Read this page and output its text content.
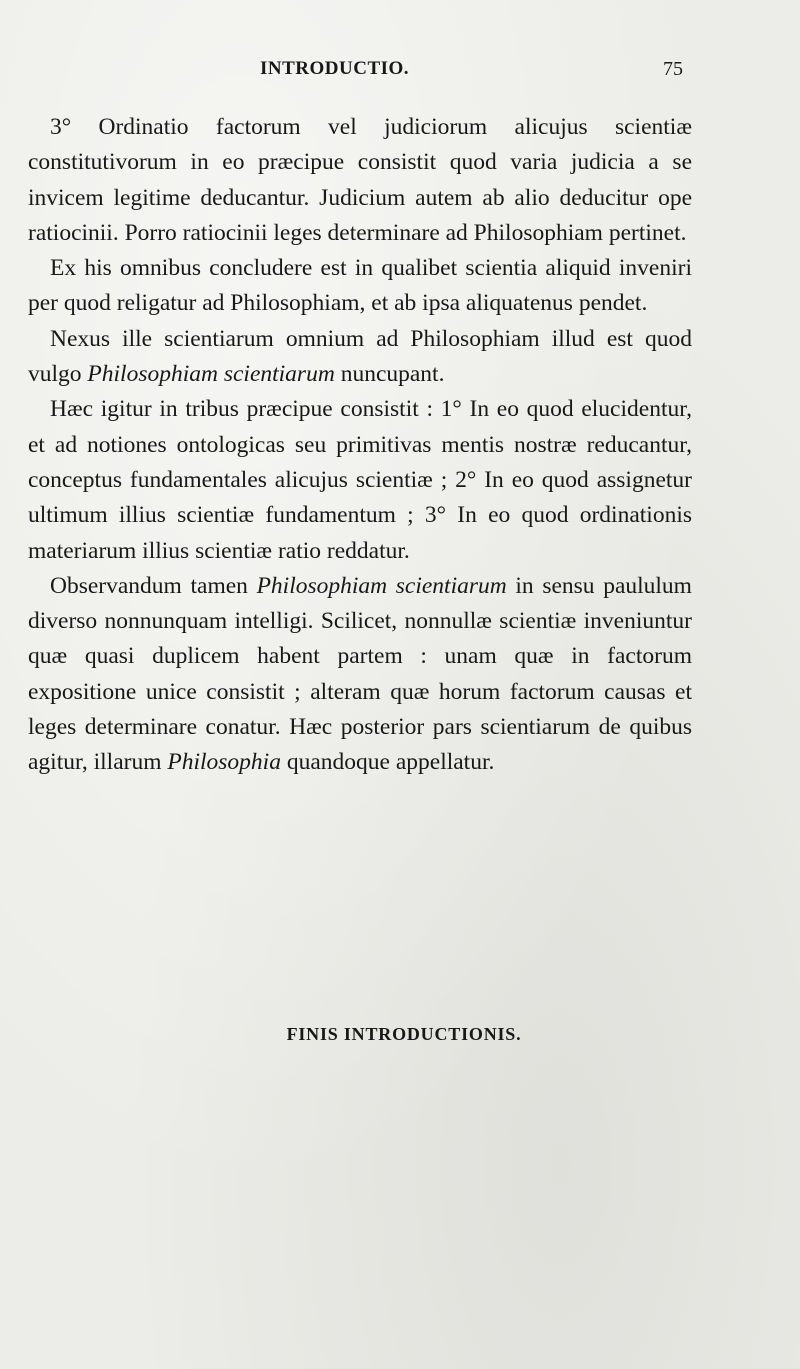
INTRODUCTIO.	75

3° Ordinatio factorum vel judiciorum alicujus scientiæ constitutivorum in eo præcipue consistit quod varia judicia a se invicem legitime deducantur. Judicium autem ab alio deducitur ope ratiocinii. Porro ratiocinii leges determinare ad Philosophiam pertinet.

Ex his omnibus concludere est in qualibet scientia aliquid inveniri per quod religatur ad Philosophiam, et ab ipsa aliquatenus pendet.

Nexus ille scientiarum omnium ad Philosophiam illud est quod vulgo Philosophiam scientiarum nuncupant.

Hæc igitur in tribus præcipue consistit : 1° In eo quod elucidentur, et ad notiones ontologicas seu primitivas mentis nostræ reducantur, conceptus fundamentales alicujus scientiæ ; 2° In eo quod assignetur ultimum illius scientiæ fundamentum ; 3° In eo quod ordinationis materiarum illius scientiæ ratio reddatur.

Observandum tamen Philosophiam scientiarum in sensu paululum diverso nonnunquam intelligi. Scilicet, nonnullæ scientiæ inveniuntur quæ quasi duplicem habent partem : unam quæ in factorum expositione unice consistit ; alteram quæ horum factorum causas et leges determinare conatur. Hæc posterior pars scientiarum de quibus agitur, illarum Philosophia quandoque appellatur.

FINIS INTRODUCTIONIS.
